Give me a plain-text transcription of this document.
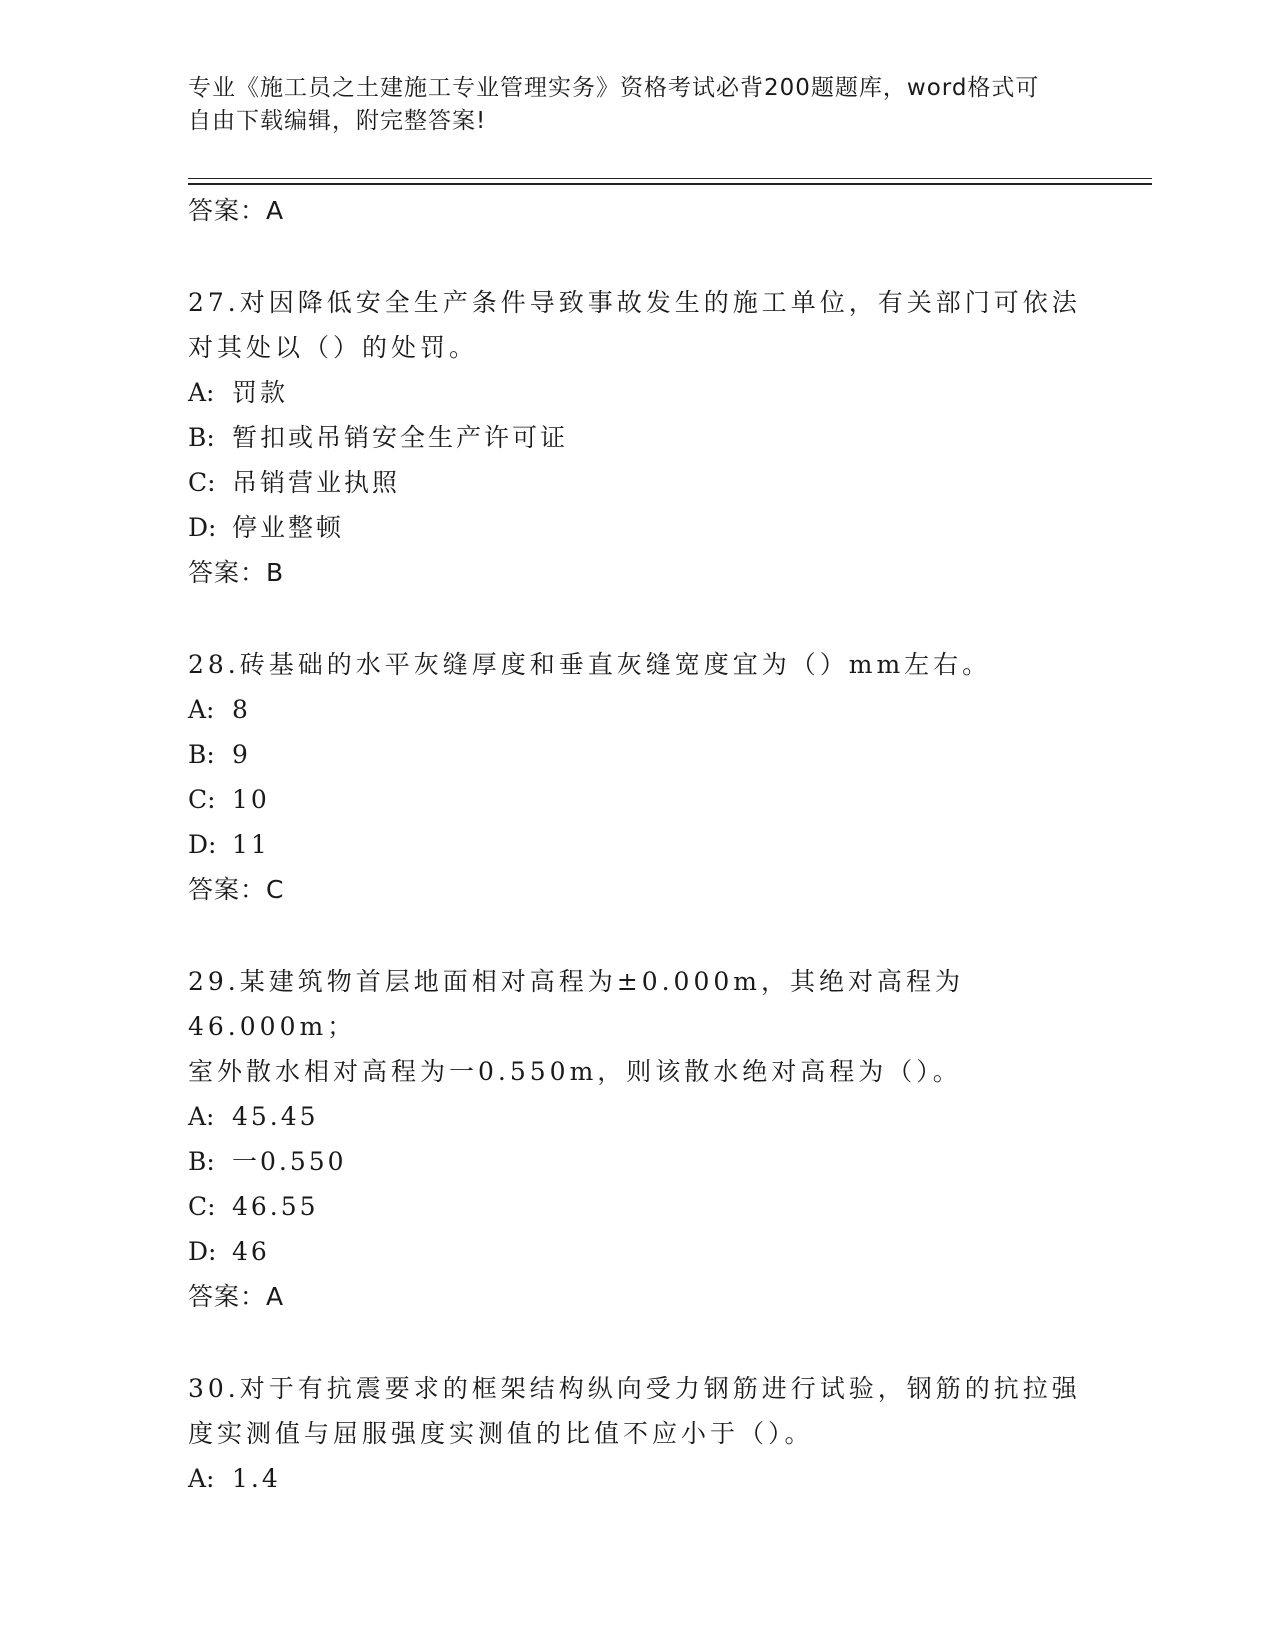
专业《施工员之土建施工专业管理实务》资格考试必背200题题库，word格式可
自由下载编辑，附完整答案!
答案：A
27.对因降低安全生产条件导致事故发生的施工单位，有关部门可依法
对其处以（）的处罚。
A: 罚款
B: 暂扣或吊销安全生产许可证
C: 吊销营业执照
D: 停业整顿
答案：B
28.砖基础的水平灰缝厚度和垂直灰缝宽度宜为（）mm左右。
A: 8
B: 9
C: 10
D: 11
答案：C
29.某建筑物首层地面相对高程为±0.000m，其绝对高程为46.000m；
室外散水相对高程为一0.550m，则该散水绝对高程为（）。
A: 45.45
B: 一0.550
C: 46.55
D: 46
答案：A
30.对于有抗震要求的框架结构纵向受力钢筋进行试验，钢筋的抗拉强
度实测值与屈服强度实测值的比值不应小于（）。
A: 1.4
